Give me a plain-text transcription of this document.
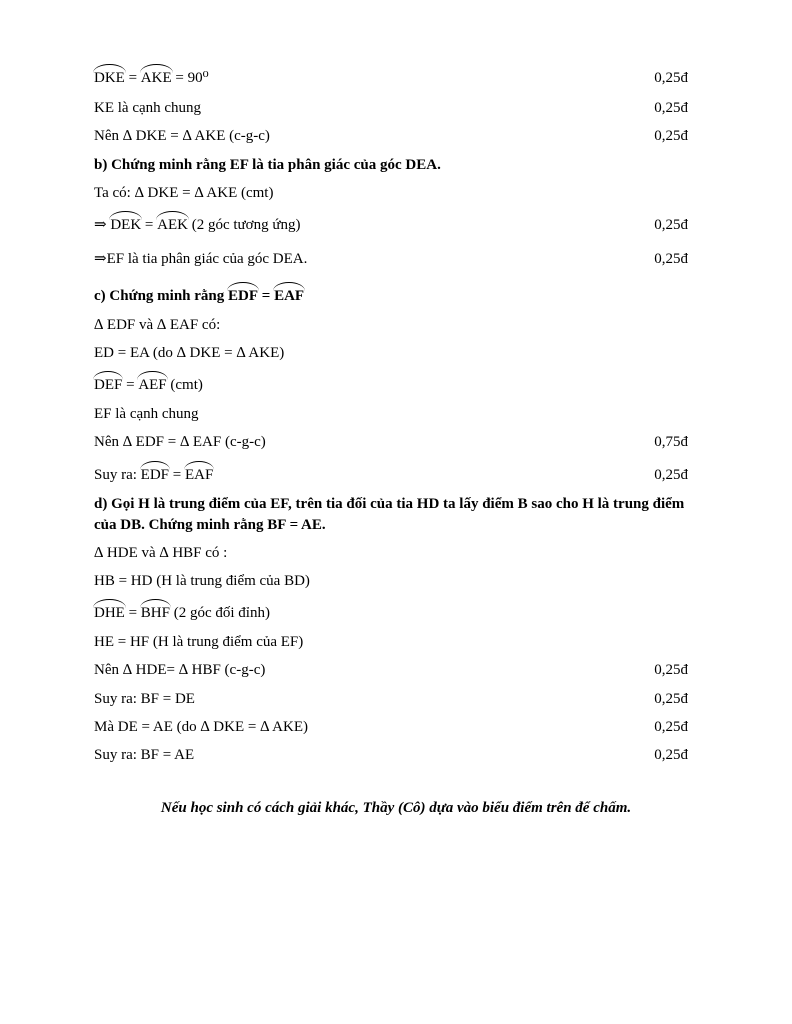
DKE = AKE = 90⁰	0,25đ
KE là cạnh chung	0,25đ
Nên ∆ DKE = ∆ AKE (c-g-c)	0,25đ
b) Chứng minh rằng EF là tia phân giác của góc DEA.
Ta có: ∆ DKE = ∆ AKE (cmt)
⇒ DEK = AEK (2 góc tương ứng)	0,25đ
⇒EF là tia phân giác của góc DEA.	0,25đ
c) Chứng minh rằng EDF = EAF
∆ EDF và ∆ EAF có:
ED = EA (do ∆ DKE = ∆ AKE)
DEF = AEF (cmt)
EF là cạnh chung
Nên ∆ EDF = ∆ EAF (c-g-c)	0,75đ
Suy ra: EDF = EAF	0,25đ
d) Gọi H là trung điểm của EF, trên tia đối của tia HD ta lấy điểm B sao cho H là trung điểm của DB. Chứng minh rằng BF = AE.
∆ HDE và ∆ HBF có :
HB = HD (H là trung điểm của BD)
DHE = BHF (2 góc đối đỉnh)
HE = HF (H là trung điểm của EF)
Nên ∆ HDE= ∆ HBF (c-g-c)	0,25đ
Suy ra: BF = DE	0,25đ
Mà DE = AE (do ∆ DKE = ∆ AKE)	0,25đ
Suy ra: BF = AE	0,25đ
Nếu học sinh có cách giải khác, Thầy (Cô) dựa vào biểu điểm trên để chấm.
